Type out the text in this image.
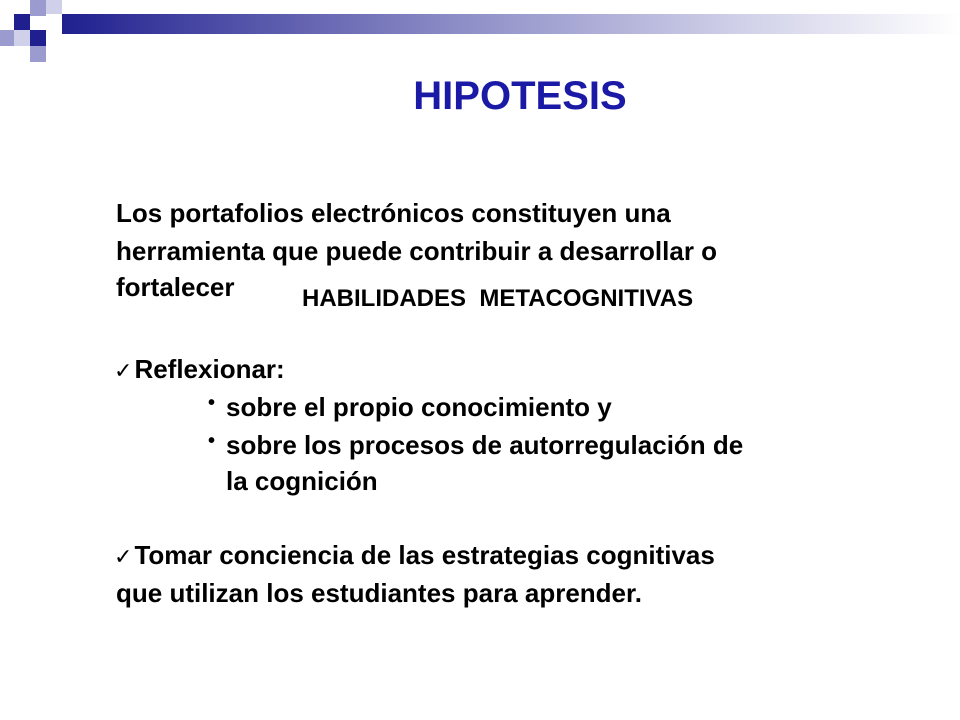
HIPOTESIS
Los portafolios electrónicos constituyen una
herramienta que puede contribuir a desarrollar o
fortalecer	HABILIDADES  METACOGNITIVAS
✓Reflexionar:
• sobre el propio conocimiento y
• sobre los procesos de autorregulación de
la cognición
✓Tomar conciencia de las estrategias cognitivas
que utilizan los estudiantes para aprender.
